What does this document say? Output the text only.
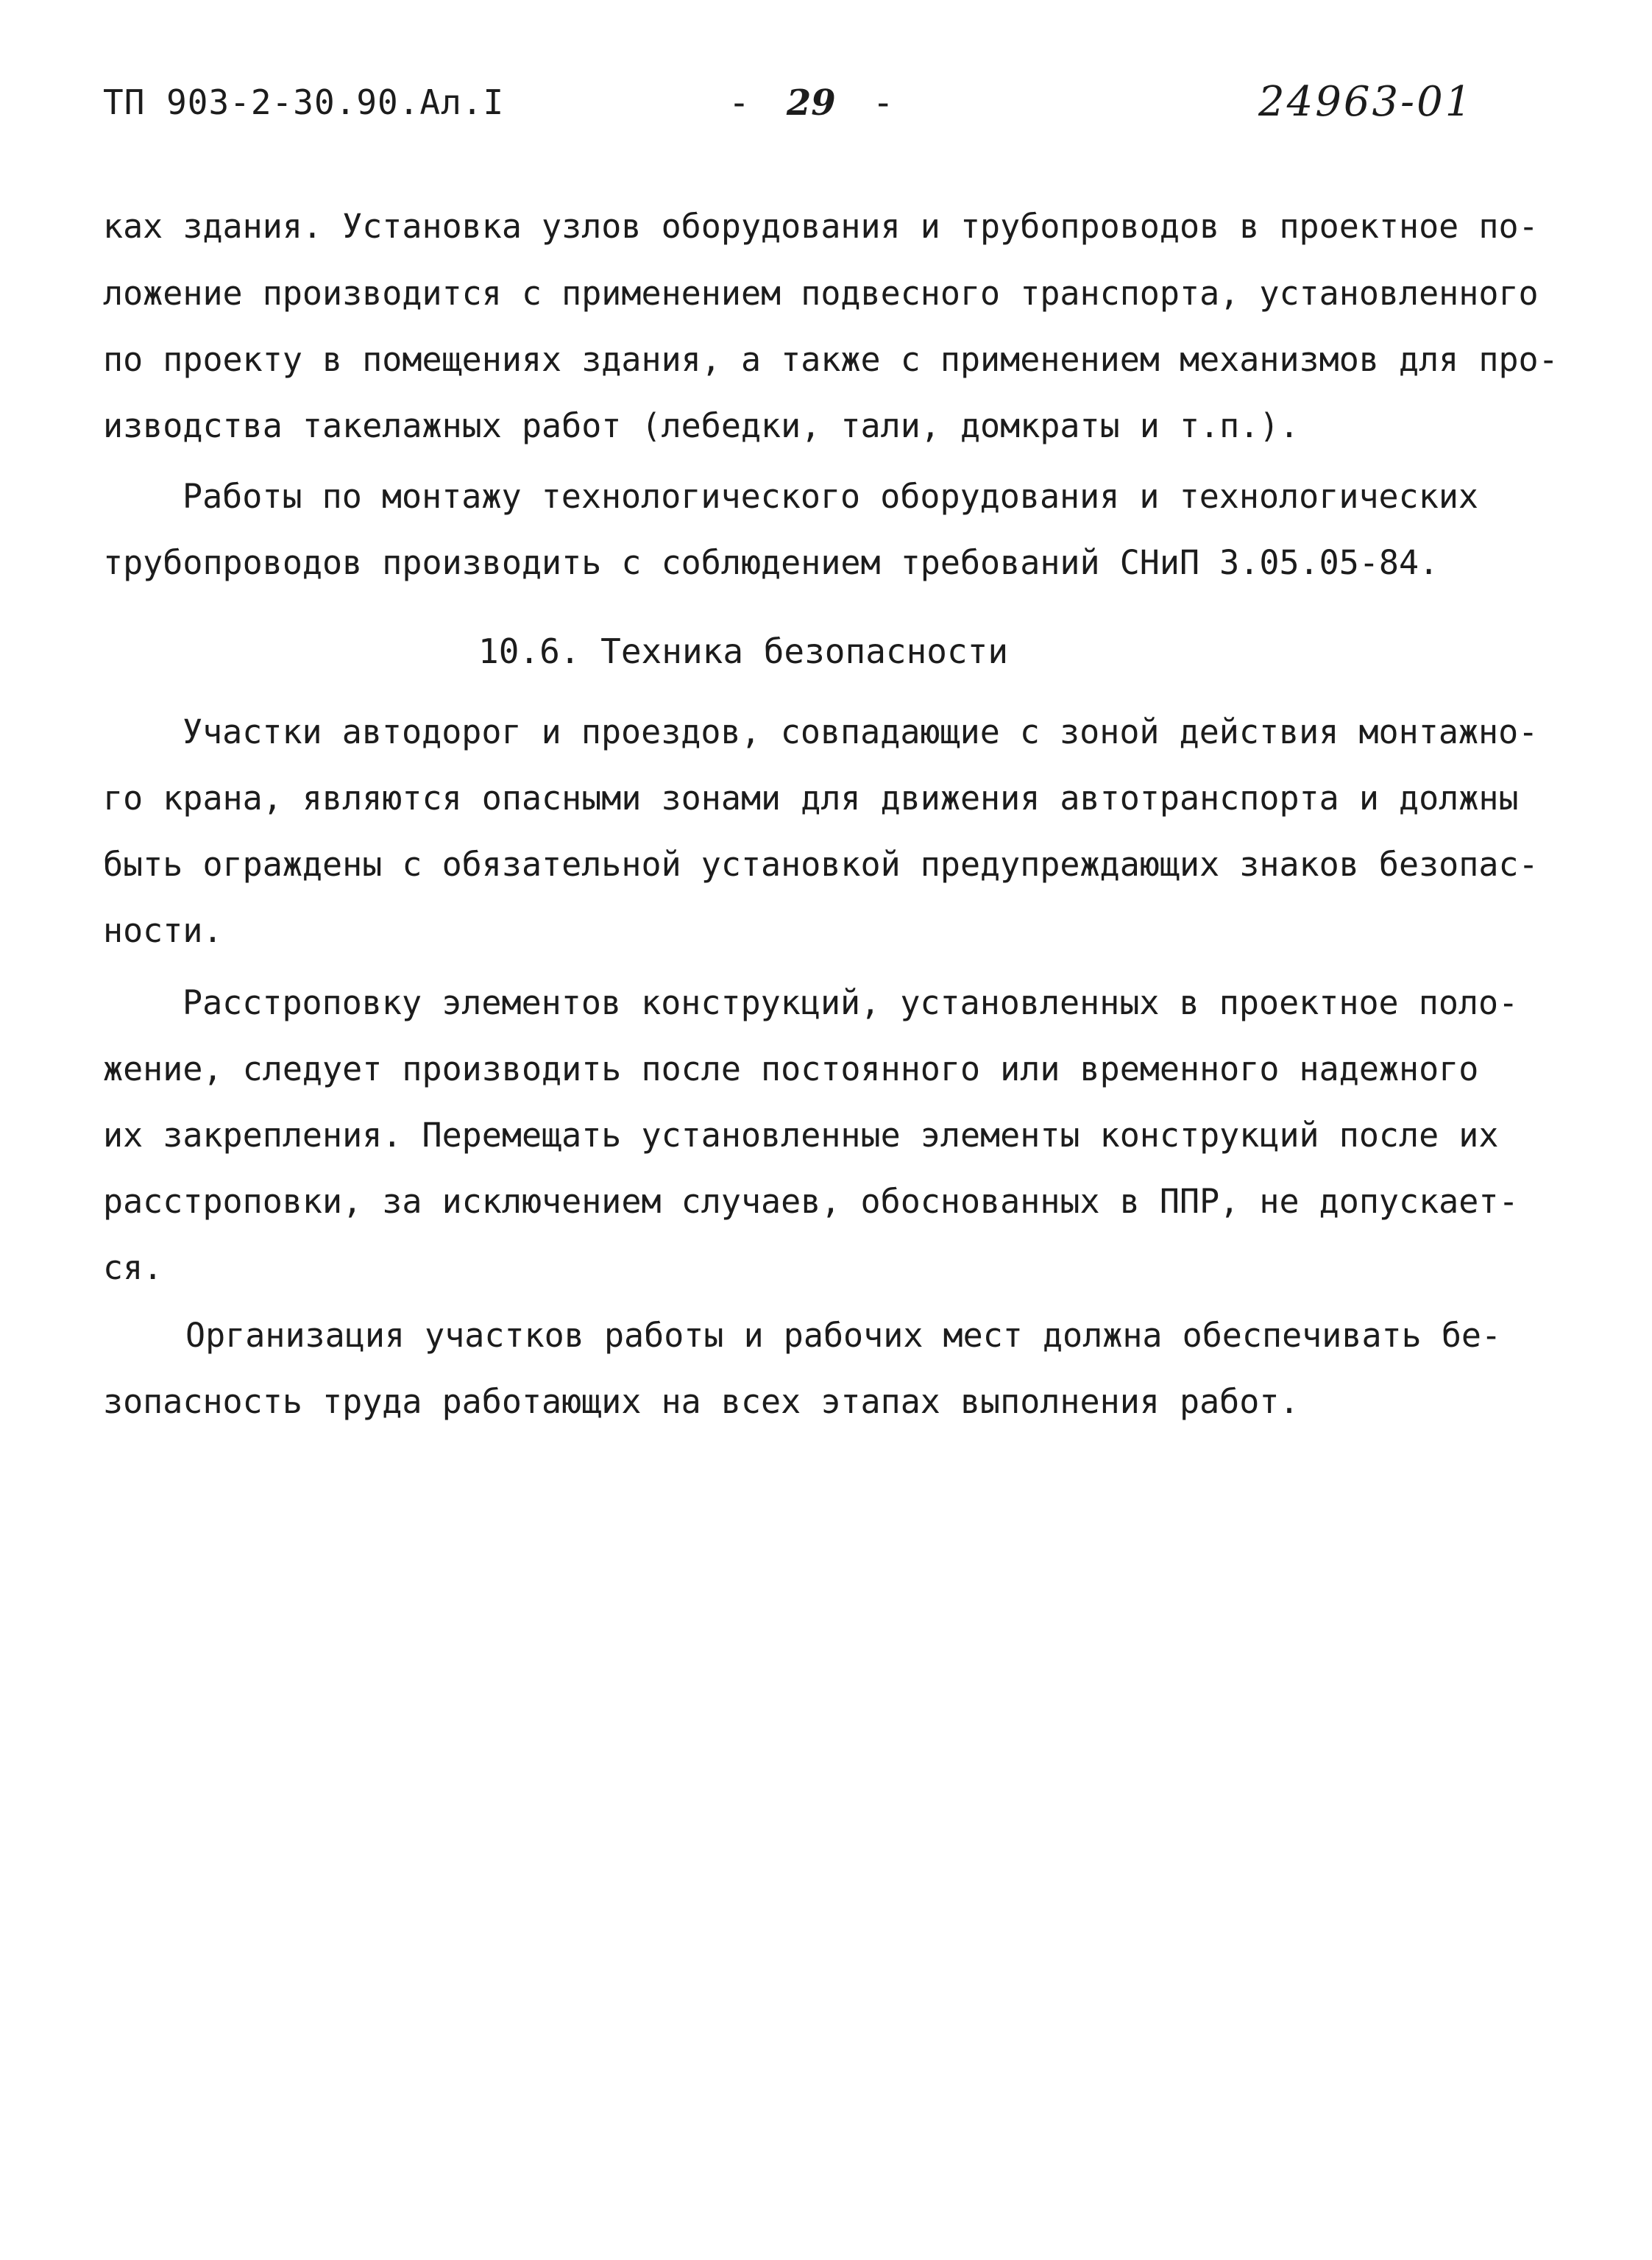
ТП 903-2-30.90.Ал.I	- 29 -	24963-01
ках здания. Установка узлов оборудования и трубопроводов в проектное по-
ложение производится с применением подвесного транспорта, установленного
по проекту в помещениях здания, а также с применением механизмов для про-
изводства такелажных работ (лебедки, тали, домкраты и т.п.).
Работы по монтажу технологического оборудования и технологических
трубопроводов производить с соблюдением требований СНиП 3.05.05-84.
10.6. Техника безопасности
Участки автодорог и проездов, совпадающие с зоной действия монтажно-
го крана, являются опасными зонами для движения автотранспорта и должны
быть ограждены с обязательной установкой предупреждающих знаков безопас-
ности.
Расстроповку элементов конструкций, установленных в проектное поло-
жение, следует производить после постоянного или временного надежного
их закрепления. Перемещать установленные элементы конструкций после их
расстроповки, за исключением случаев, обоснованных в ППР, не допускает-
ся.
Организация участков работы и рабочих мест должна обеспечивать бе-
зопасность труда работающих на всех этапах выполнения работ.
